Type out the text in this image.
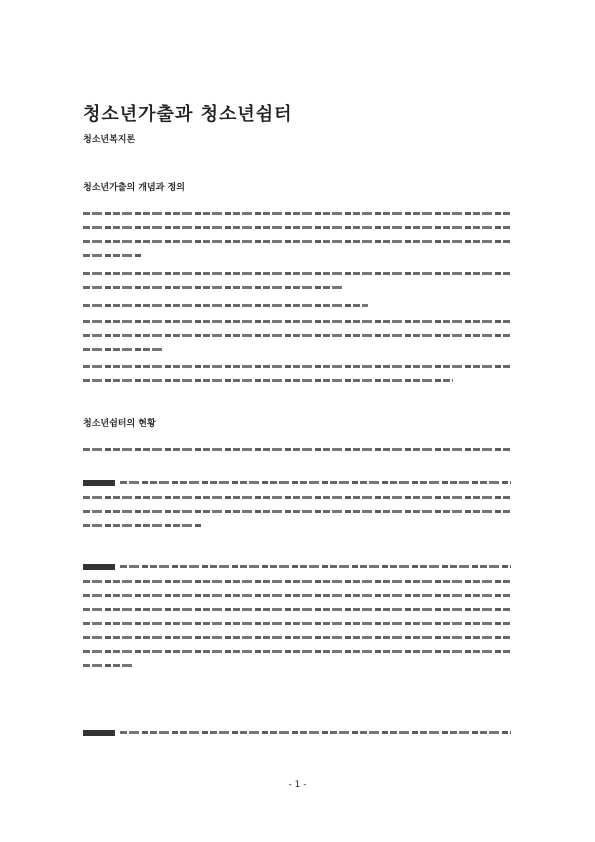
청소년가출과 청소년쉼터
청소년복지론
청소년가출의 개념과 정의
청소년쉼터의 현황
- 1 -
